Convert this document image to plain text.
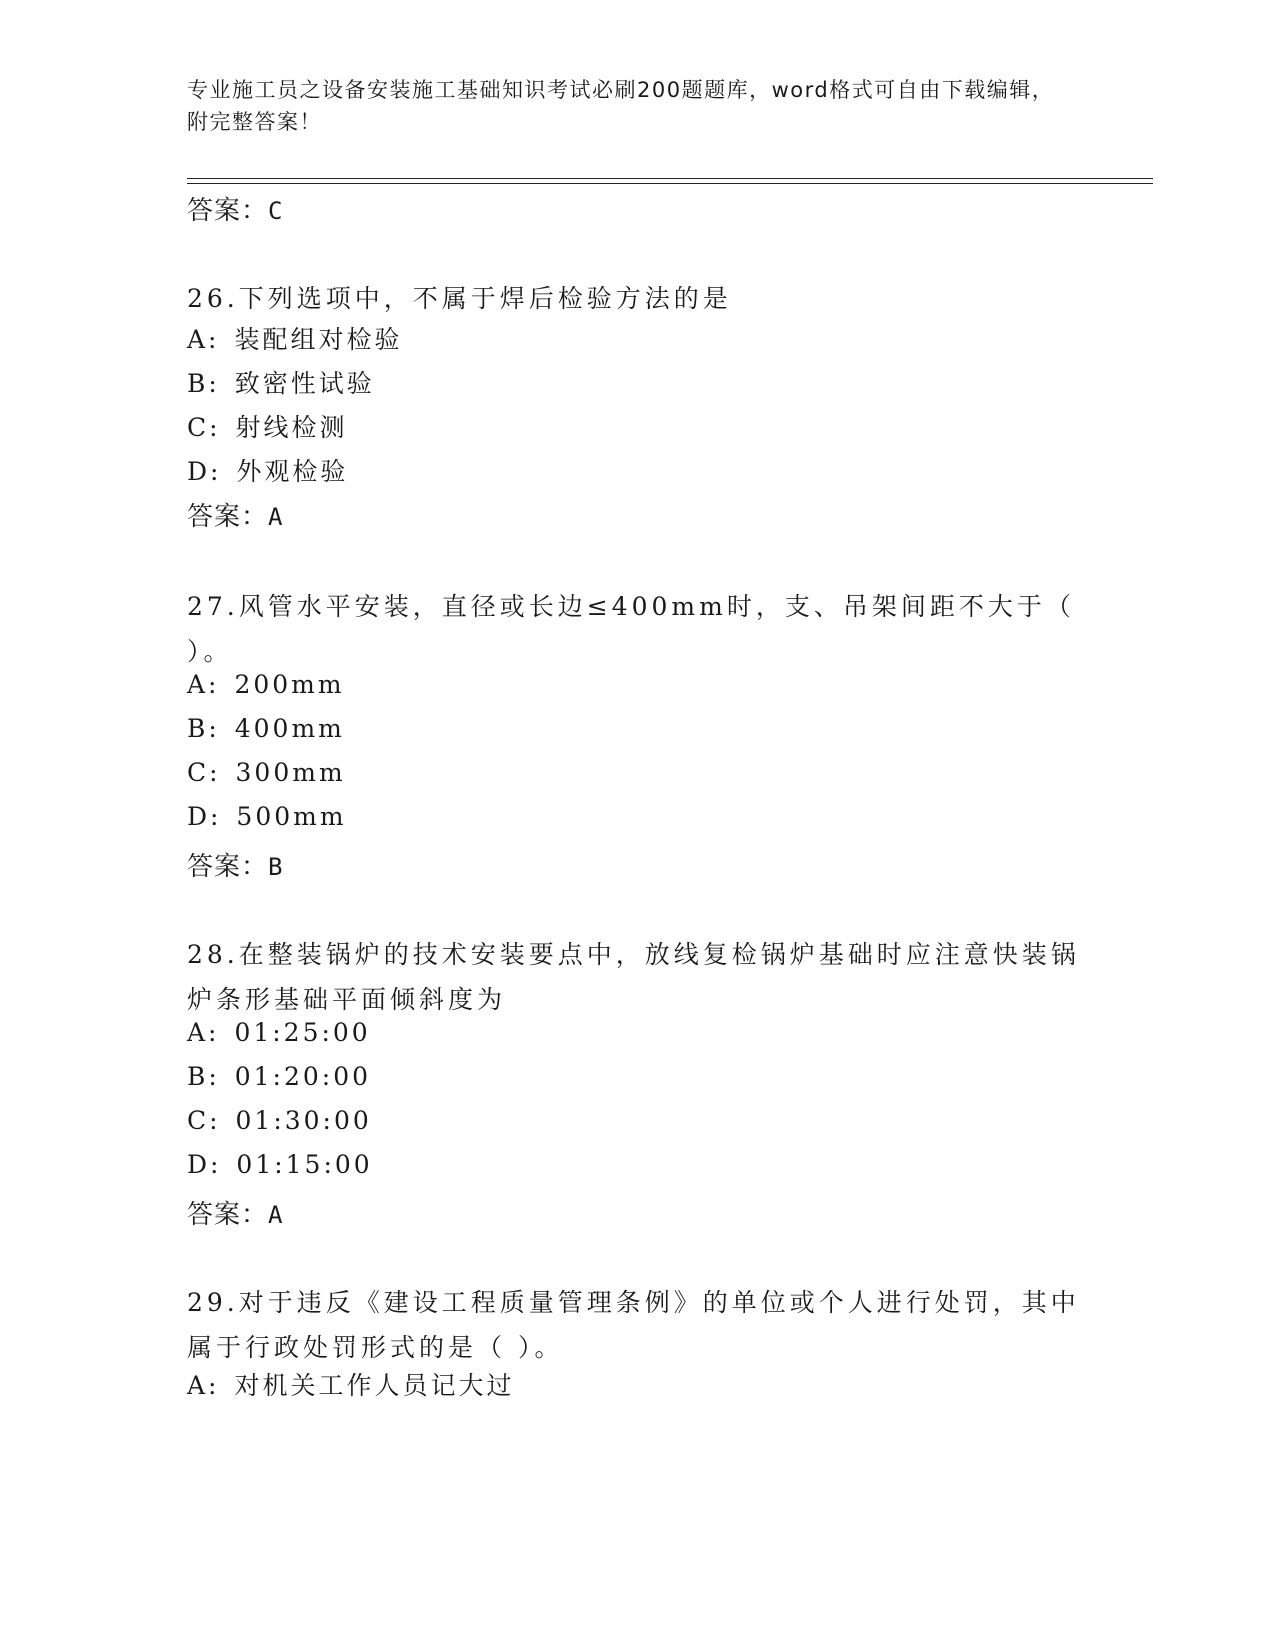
专业施工员之设备安装施工基础知识考试必刷200题题库，word格式可自由下载编辑，附完整答案！
答案：C
26.下列选项中，不属于焊后检验方法的是
A: 装配组对检验
B: 致密性试验
C: 射线检测
D: 外观检验
答案：A
27.风管水平安装，直径或长边≤400mm时，支、吊架间距不大于（ ）。
A: 200mm
B: 400mm
C: 300mm
D: 500mm
答案：B
28.在整装锅炉的技术安装要点中，放线复检锅炉基础时应注意快装锅炉条形基础平面倾斜度为
A: 01:25:00
B: 01:20:00
C: 01:30:00
D: 01:15:00
答案：A
29.对于违反《建设工程质量管理条例》的单位或个人进行处罚，其中属于行政处罚形式的是（ ）。
A: 对机关工作人员记大过
